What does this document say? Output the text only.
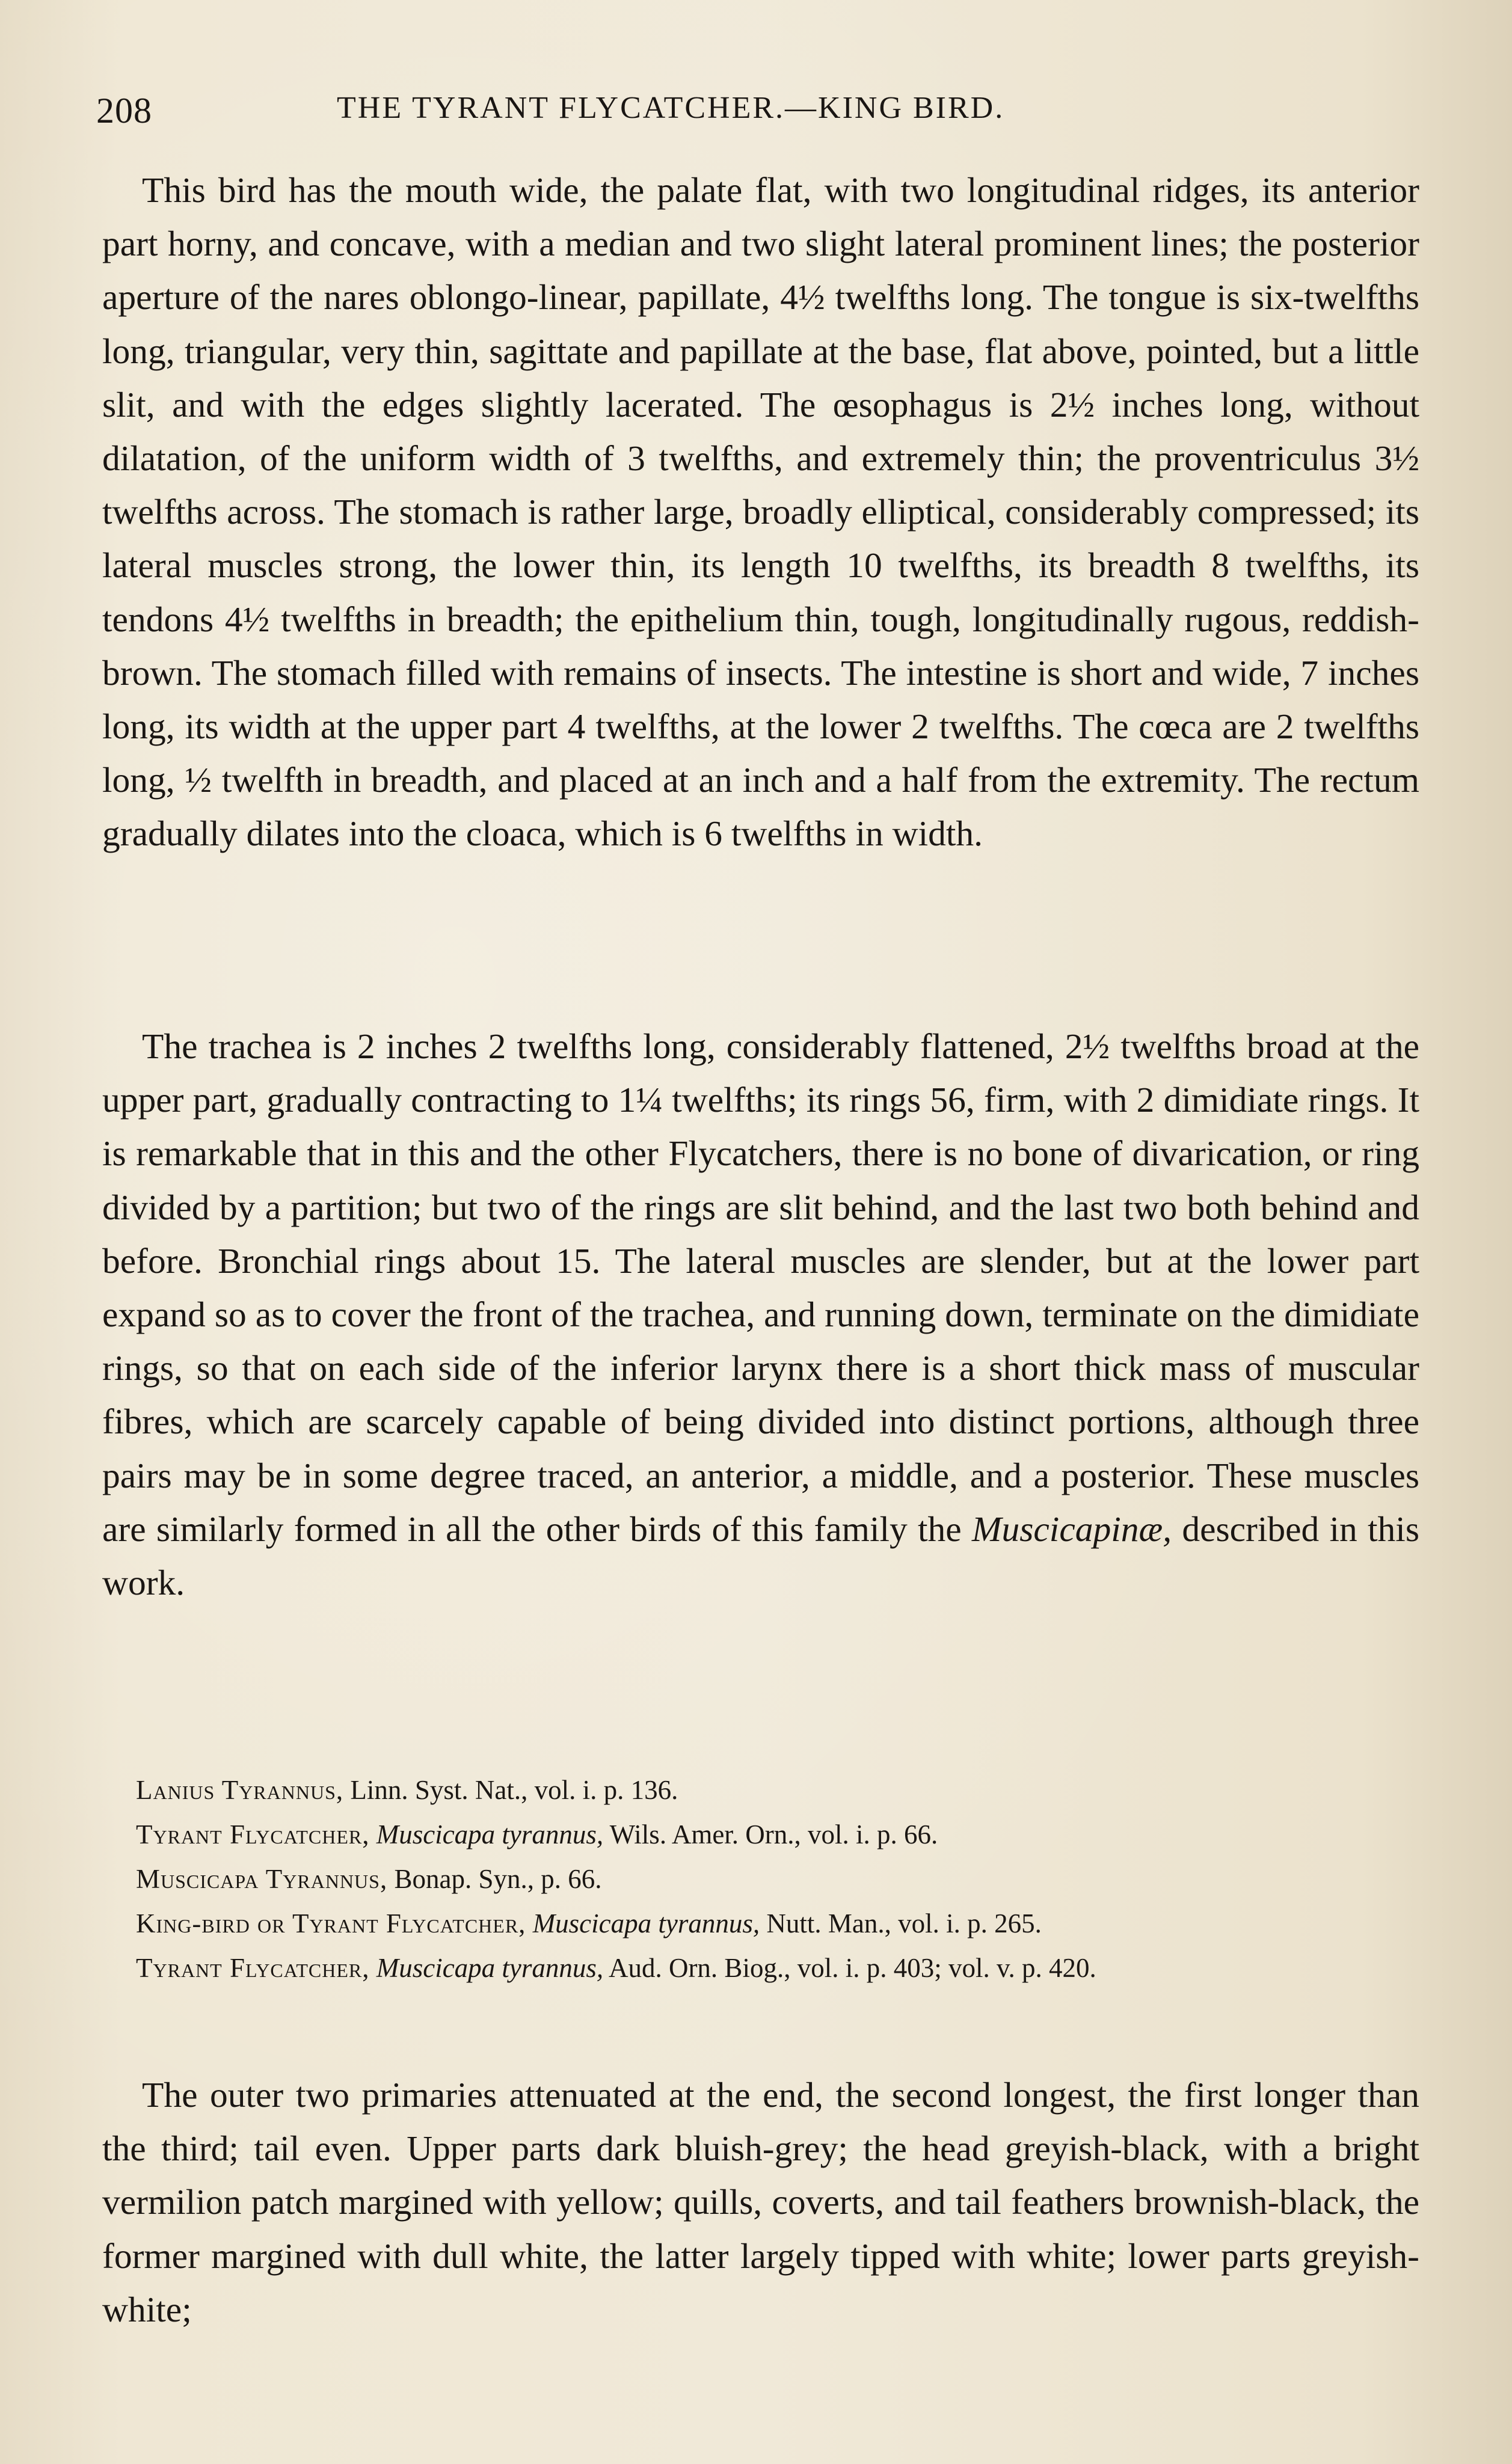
208	THE TYRANT FLYCATCHER.—KING BIRD.

This bird has the mouth wide, the palate flat, with two longitudinal ridges, its anterior part horny, and concave, with a median and two slight lateral prominent lines; the posterior aperture of the nares oblongo-linear, papillate, 4½ twelfths long. The tongue is six-twelfths long, triangular, very thin, sagittate and papillate at the base, flat above, pointed, but a little slit, and with the edges slightly lacerated. The œsophagus is 2½ inches long, without dilatation, of the uniform width of 3 twelfths, and extremely thin; the proventriculus 3½ twelfths across. The stomach is rather large, broadly elliptical, considerably compressed; its lateral muscles strong, the lower thin, its length 10 twelfths, its breadth 8 twelfths, its tendons 4½ twelfths in breadth; the epithelium thin, tough, longitudinally rugous, reddish-brown. The stomach filled with remains of insects. The intestine is short and wide, 7 inches long, its width at the upper part 4 twelfths, at the lower 2 twelfths. The cœca are 2 twelfths long, ½ twelfth in breadth, and placed at an inch and a half from the extremity. The rectum gradually dilates into the cloaca, which is 6 twelfths in width.

The trachea is 2 inches 2 twelfths long, considerably flattened, 2½ twelfths broad at the upper part, gradually contracting to 1¼ twelfths; its rings 56, firm, with 2 dimidiate rings. It is remarkable that in this and the other Flycatchers, there is no bone of divarication, or ring divided by a partition; but two of the rings are slit behind, and the last two both behind and before. Bronchial rings about 15. The lateral muscles are slender, but at the lower part expand so as to cover the front of the trachea, and running down, terminate on the dimidiate rings, so that on each side of the inferior larynx there is a short thick mass of muscular fibres, which are scarcely capable of being divided into distinct portions, although three pairs may be in some degree traced, an anterior, a middle, and a posterior. These muscles are similarly formed in all the other birds of this family the Muscicapinæ, described in this work.

Lanius Tyrannus, Linn. Syst. Nat., vol. i. p. 136.
Tyrant Flycatcher, Muscicapa tyrannus, Wils. Amer. Orn., vol. i. p. 66.
Muscicapa Tyrannus, Bonap. Syn., p. 66.
King-bird or Tyrant Flycatcher, Muscicapa tyrannus, Nutt. Man., vol. i. p. 265.
Tyrant Flycatcher, Muscicapa tyrannus, Aud. Orn. Biog., vol. i. p. 403; vol. v. p. 420.

The outer two primaries attenuated at the end, the second longest, the first longer than the third; tail even. Upper parts dark bluish-grey; the head greyish-black, with a bright vermilion patch margined with yellow; quills, coverts, and tail feathers brownish-black, the former margined with dull white, the latter largely tipped with white; lower parts greyish-white;
